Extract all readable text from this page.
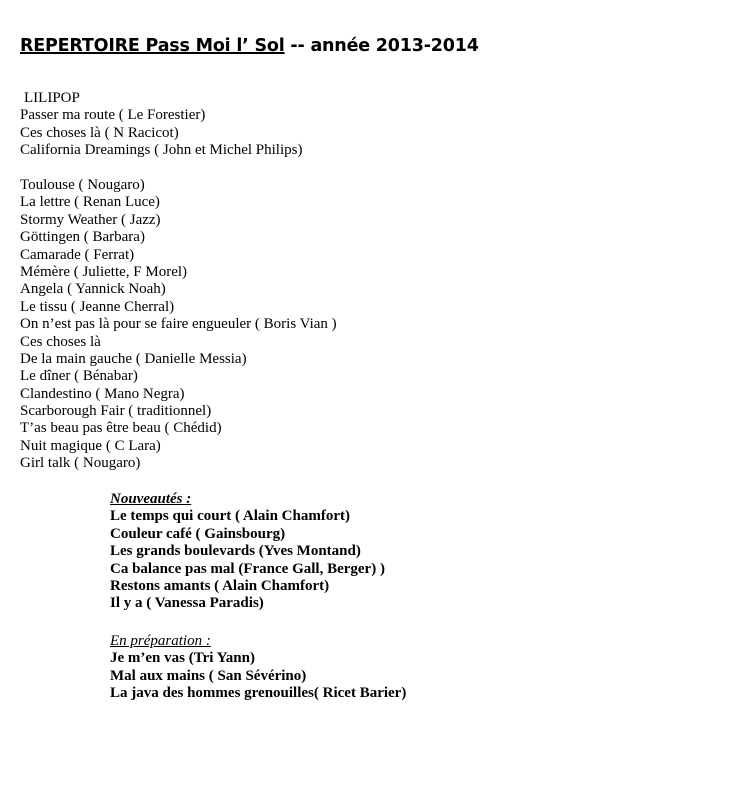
REPERTOIRE Pass Moi l’ Sol -- année 2013-2014
LILIPOP
Passer ma route ( Le Forestier)
Ces choses là ( N Racicot)
California Dreamings ( John et Michel Philips)
Toulouse ( Nougaro)
La lettre ( Renan Luce)
Stormy Weather ( Jazz)
Göttingen ( Barbara)
Camarade ( Ferrat)
Mémère ( Juliette, F Morel)
Angela ( Yannick Noah)
Le tissu ( Jeanne Cherral)
On n’est pas là pour se faire engueuler ( Boris Vian )
Ces choses là
De la main gauche ( Danielle Messia)
Le dîner ( Bénabar)
Clandestino ( Mano Negra)
Scarborough Fair ( traditionnel)
T’as beau pas être beau ( Chédid)
Nuit magique ( C Lara)
Girl talk ( Nougaro)
Nouveautés :
Le temps qui court ( Alain Chamfort)
Couleur café ( Gainsbourg)
Les grands boulevards (Yves Montand)
Ca balance pas mal (France Gall, Berger) )
Restons amants ( Alain Chamfort)
Il y a ( Vanessa Paradis)
En préparation :
Je m’en vas (Tri Yann)
Mal aux mains ( San Sévérino)
La java des hommes grenouilles( Ricet Barier)
